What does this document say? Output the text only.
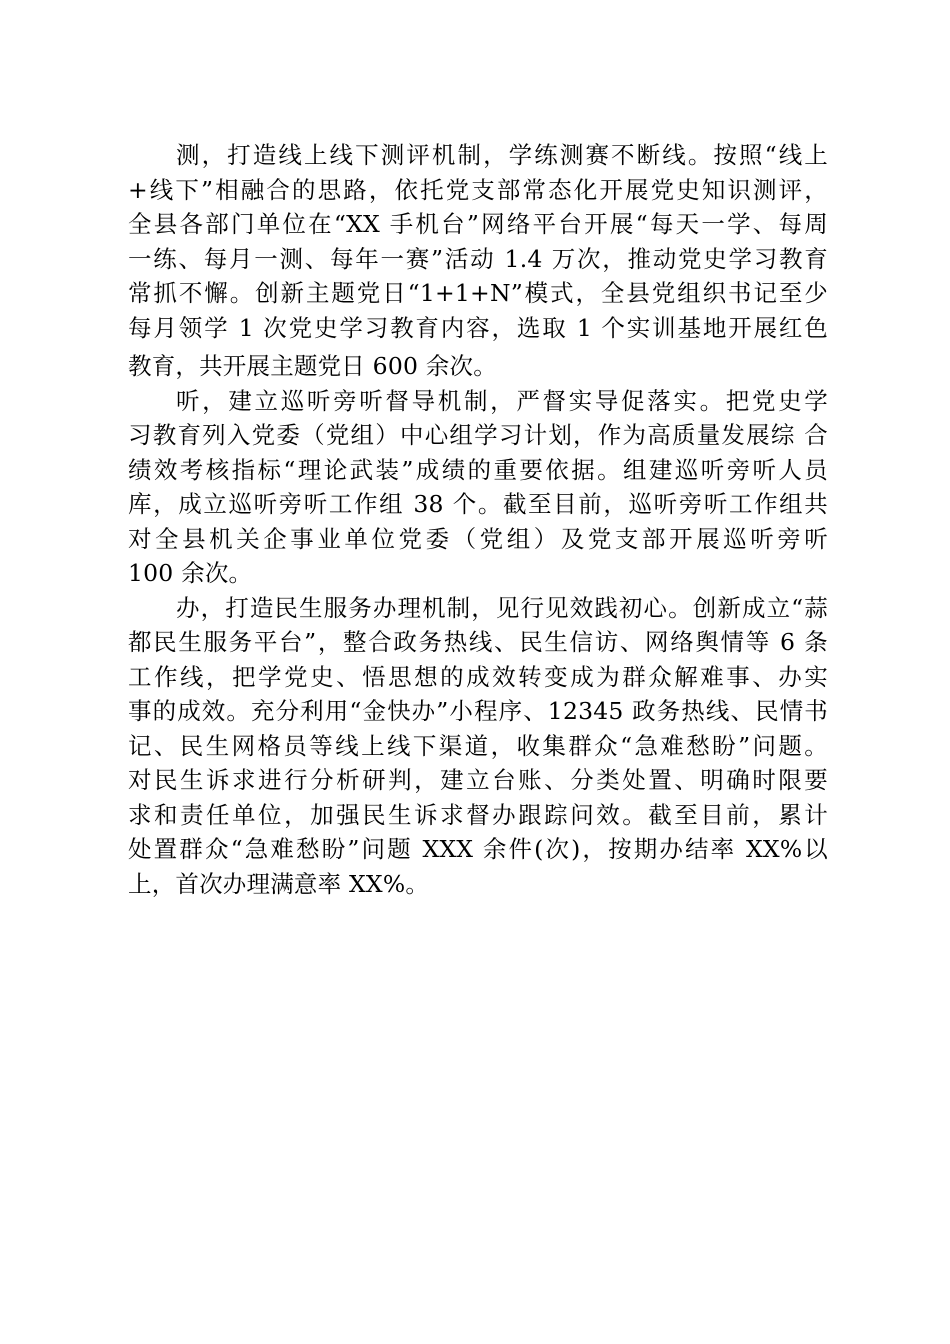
测，打造线上线下测评机制，学练测赛不断线。按照“线上
+线下”相融合的思路，依托党支部常态化开展党史知识测评，
全县各部门单位在“XX 手机台”网络平台开展“每天一学、每周
一练、每月一测、每年一赛”活动 1.4 万次，推动党史学习教育
常抓不懈。创新主题党日“1+1+N”模式，全县党组织书记至少
每月领学 1 次党史学习教育内容，选取 1 个实训基地开展红色
教育，共开展主题党日 600 余次。
听，建立巡听旁听督导机制，严督实导促落实。把党史学
习教育列入党委（党组）中心组学习计划，作为高质量发展综 合
绩效考核指标“理论武装”成绩的重要依据。组建巡听旁听人员
库，成立巡听旁听工作组 38 个。截至目前，巡听旁听工作组共
对全县机关企事业单位党委（党组）及党支部开展巡听旁听
100 余次。
办，打造民生服务办理机制，见行见效践初心。创新成立“蒜
都民生服务平台”，整合政务热线、民生信访、网络舆情等 6 条
工作线，把学党史、悟思想的成效转变成为群众解难事、办实
事的成效。充分利用“金快办”小程序、12345 政务热线、民情书
记、民生网格员等线上线下渠道，收集群众“急难愁盼”问题。
对民生诉求进行分析研判，建立台账、分类处置、明确时限要
求和责任单位，加强民生诉求督办跟踪问效。截至目前，累计
处置群众“急难愁盼”问题 XXX 余件(次)，按期办结率 XX%以
上，首次办理满意率 XX%。
